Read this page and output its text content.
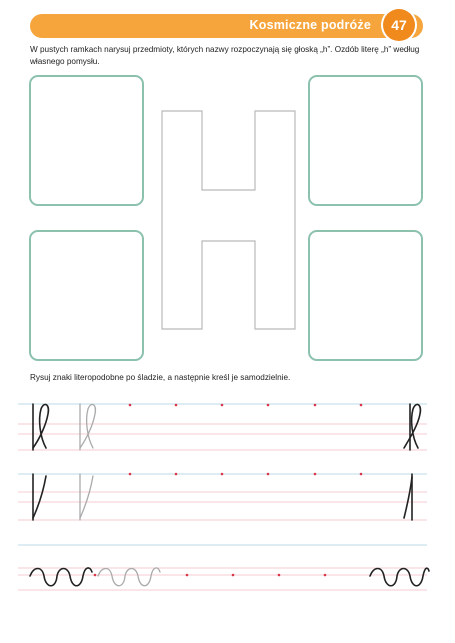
Kosmiczne podróże	47
W pustych ramkach narysuj przedmioty, których nazwy rozpoczynają się głoską „h”. Ozdób literę „h” według własnego pomysłu.
Rysuj znaki literopodobne po śladzie, a następnie kreśl je samodzielnie.
